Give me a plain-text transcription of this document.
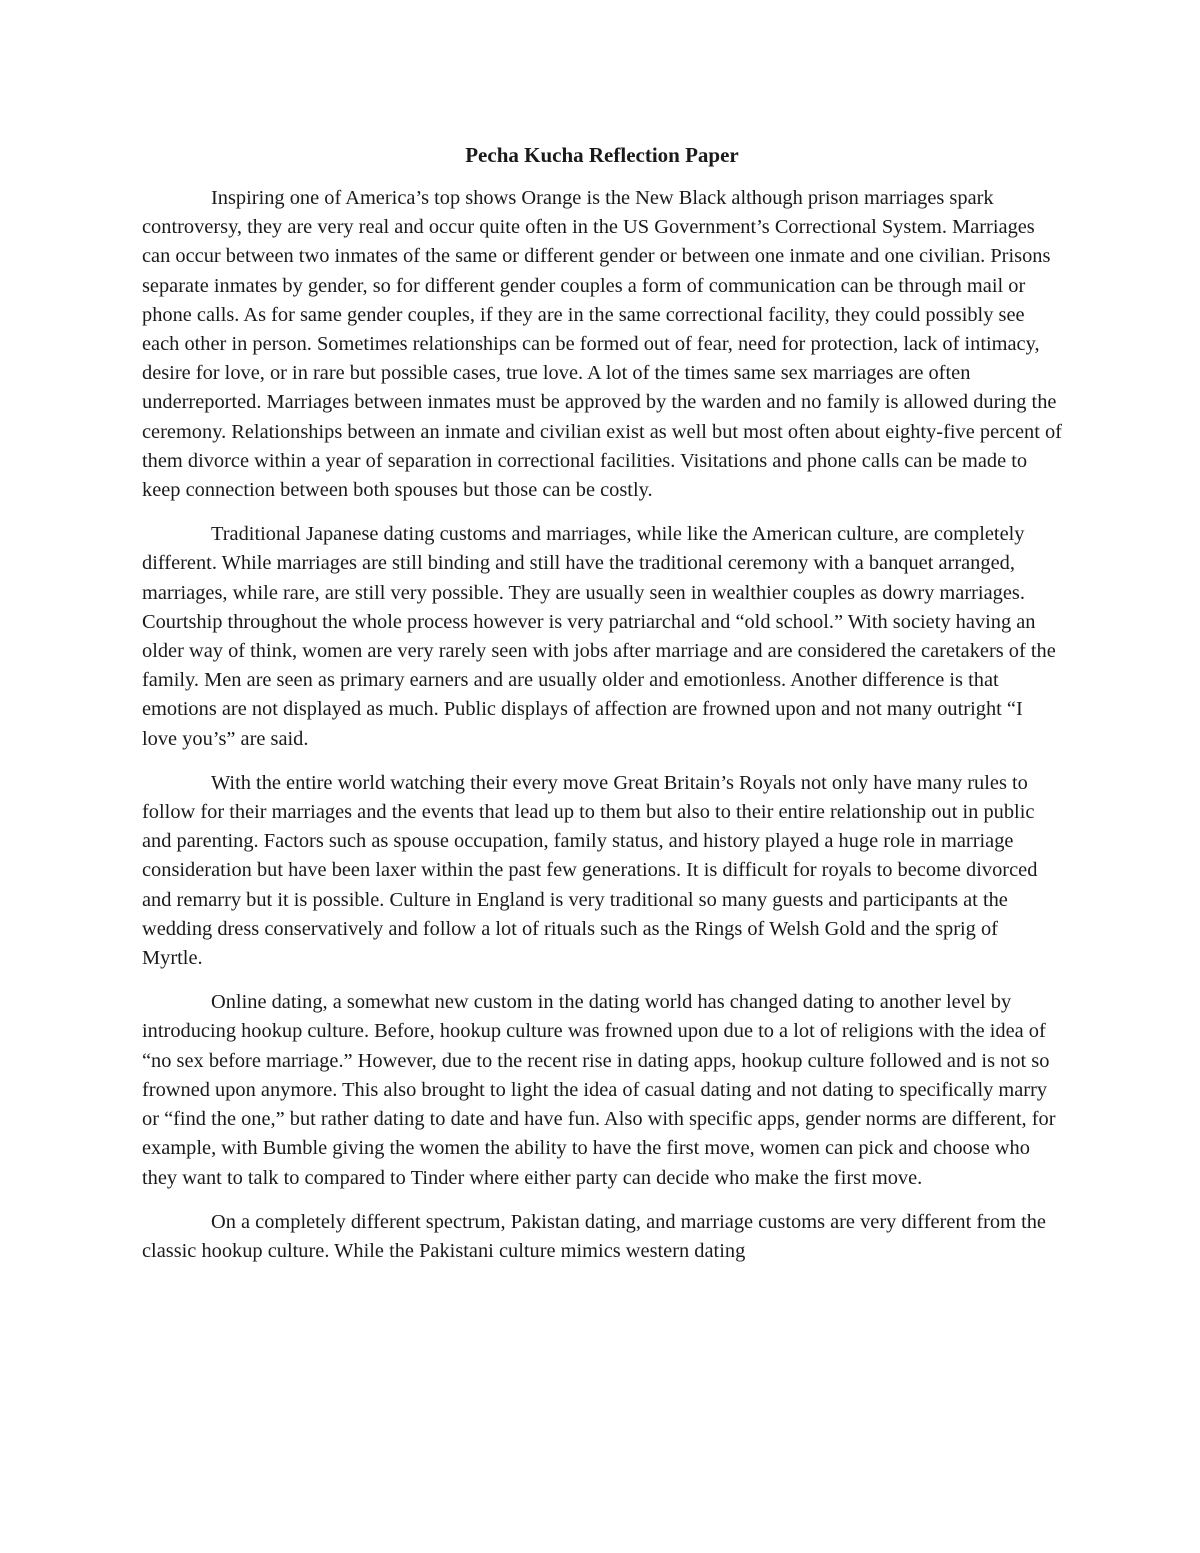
Pecha Kucha Reflection Paper

Inspiring one of America’s top shows Orange is the New Black although prison marriages spark controversy, they are very real and occur quite often in the US Government’s Correctional System. Marriages can occur between two inmates of the same or different gender or between one inmate and one civilian. Prisons separate inmates by gender, so for different gender couples a form of communication can be through mail or phone calls. As for same gender couples, if they are in the same correctional facility, they could possibly see each other in person. Sometimes relationships can be formed out of fear, need for protection, lack of intimacy, desire for love, or in rare but possible cases, true love. A lot of the times same sex marriages are often underreported. Marriages between inmates must be approved by the warden and no family is allowed during the ceremony. Relationships between an inmate and civilian exist as well but most often about eighty-five percent of them divorce within a year of separation in correctional facilities. Visitations and phone calls can be made to keep connection between both spouses but those can be costly.

Traditional Japanese dating customs and marriages, while like the American culture, are completely different. While marriages are still binding and still have the traditional ceremony with a banquet arranged, marriages, while rare, are still very possible. They are usually seen in wealthier couples as dowry marriages. Courtship throughout the whole process however is very patriarchal and “old school.” With society having an older way of think, women are very rarely seen with jobs after marriage and are considered the caretakers of the family. Men are seen as primary earners and are usually older and emotionless. Another difference is that emotions are not displayed as much. Public displays of affection are frowned upon and not many outright “I love you’s” are said.

With the entire world watching their every move Great Britain’s Royals not only have many rules to follow for their marriages and the events that lead up to them but also to their entire relationship out in public and parenting. Factors such as spouse occupation, family status, and history played a huge role in marriage consideration but have been laxer within the past few generations. It is difficult for royals to become divorced and remarry but it is possible. Culture in England is very traditional so many guests and participants at the wedding dress conservatively and follow a lot of rituals such as the Rings of Welsh Gold and the sprig of Myrtle.

Online dating, a somewhat new custom in the dating world has changed dating to another level by introducing hookup culture. Before, hookup culture was frowned upon due to a lot of religions with the idea of “no sex before marriage.” However, due to the recent rise in dating apps, hookup culture followed and is not so frowned upon anymore. This also brought to light the idea of casual dating and not dating to specifically marry or “find the one,” but rather dating to date and have fun. Also with specific apps, gender norms are different, for example, with Bumble giving the women the ability to have the first move, women can pick and choose who they want to talk to compared to Tinder where either party can decide who make the first move.

On a completely different spectrum, Pakistan dating, and marriage customs are very different from the classic hookup culture. While the Pakistani culture mimics western dating
